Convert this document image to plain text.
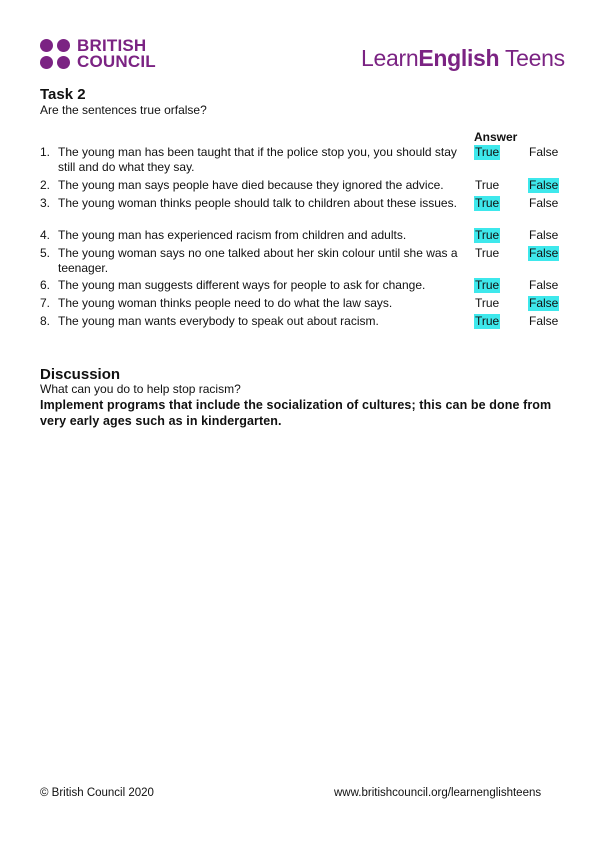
BRITISH
COUNCIL	LearnEnglish Teens
Task 2
Are the sentences true orfalse?
Answer
1. The young man has been taught that if the police stop you, you should stay still and do what they say.
True False
2. The young man says people have died because they ignored the advice.	True False
3. The young woman thinks people should talk to children about these issues.	True False
4. The young man has experienced racism from children and adults.	True False
5. The young woman says no one talked about her skin colour until she was a teenager.
True False
6. The young man suggests different ways for people to ask for change.	True False
7. The young woman thinks people need to do what the law says.	True False
8. The young man wants everybody to speak out about racism.	True False
Discussion
What can you do to help stop racism?
Implement programs that include the socialization of cultures; this can be done from very early ages such as in kindergarten.
© British Council 2020	www.britishcouncil.org/learnenglishteens
